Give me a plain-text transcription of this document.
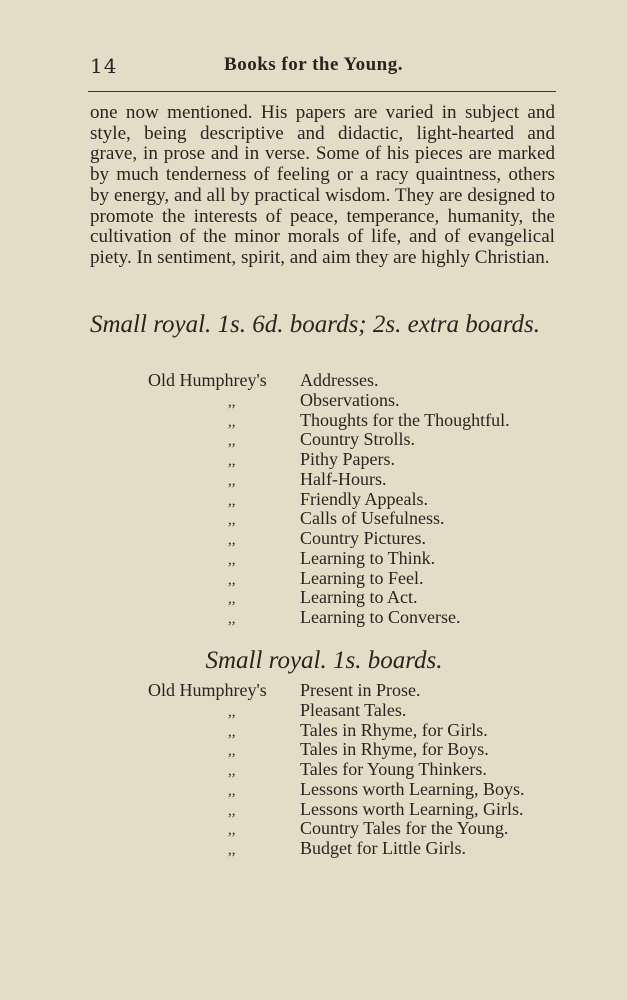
14	Books for the Young.
one now mentioned. His papers are varied in subject and style, being descriptive and didactic, light-hearted and grave, in prose and in verse. Some of his pieces are marked by much tenderness of feeling or a racy quaintness, others by energy, and all by practical wisdom. They are designed to promote the interests of peace, temperance, humanity, the cultivation of the minor morals of life, and of evangelical piety. In sentiment, spirit, and aim they are highly Christian.
Small royal. 1s. 6d. boards; 2s. extra boards.
Old Humphrey's Addresses.
,,	Observations.
,,	Thoughts for the Thoughtful.
,,	Country Strolls.
,,	Pithy Papers.
,,	Half-Hours.
,,	Friendly Appeals.
,,	Calls of Usefulness.
,,	Country Pictures.
,,	Learning to Think.
,,	Learning to Feel.
,,	Learning to Act.
,,	Learning to Converse.
Small royal. 1s. boards.
Old Humphrey's Present in Prose.
,,	Pleasant Tales.
,,	Tales in Rhyme, for Girls.
,,	Tales in Rhyme, for Boys.
,,	Tales for Young Thinkers.
,,	Lessons worth Learning, Boys.
,,	Lessons worth Learning, Girls.
,,	Country Tales for the Young.
,,	Budget for Little Girls.
